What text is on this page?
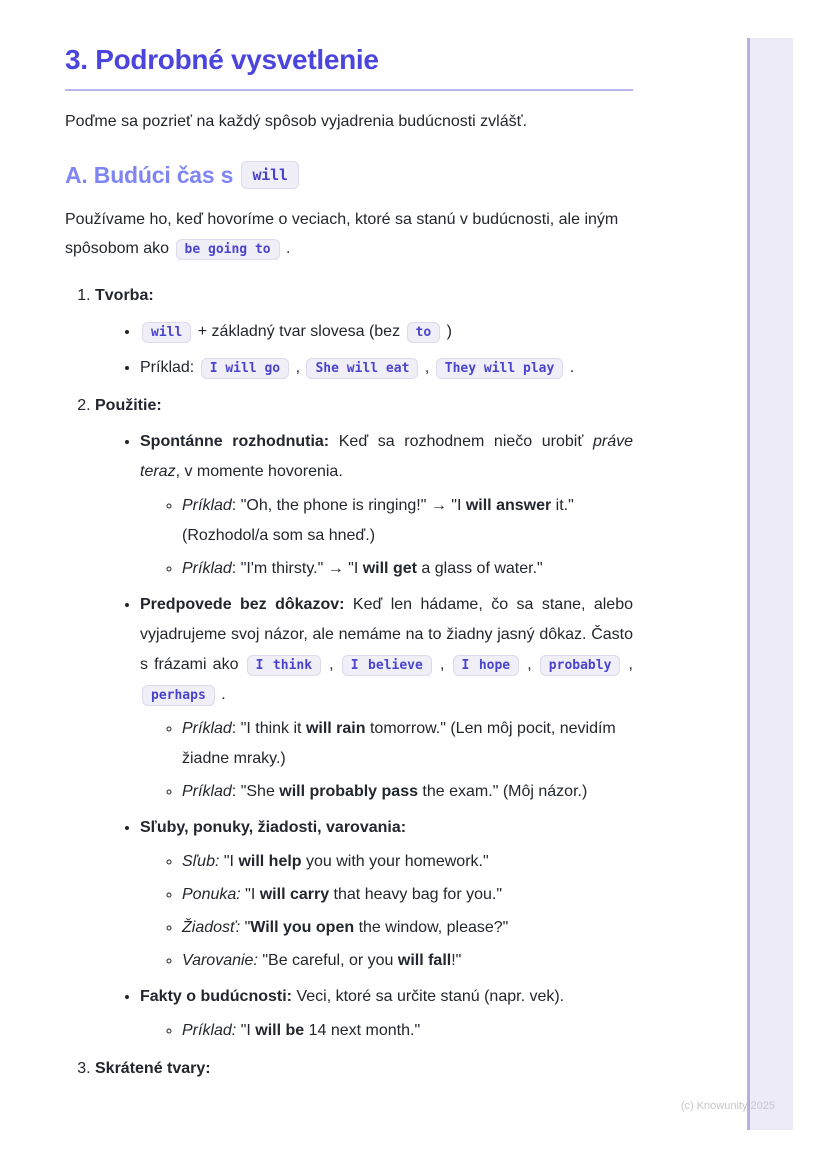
3. Podrobné vysvetlenie

Poďme sa pozrieť na každý spôsob vyjadrenia budúcnosti zvlášť.

A. Budúci čas s will

Používame ho, keď hovoríme o veciach, ktoré sa stanú v budúcnosti, ale iným spôsobom ako be going to .

1. Tvorba:
• will + základný tvar slovesa (bez to )
• Príklad: I will go , She will eat , They will play .
2. Použitie:
• Spontánne rozhodnutia: Keď sa rozhodnem niečo urobiť práve teraz, v momente hovorenia.
◦ Príklad: "Oh, the phone is ringing!" → "I will answer it." (Rozhodol/a som sa hneď.)
◦ Príklad: "I'm thirsty." → "I will get a glass of water."
• Predpovede bez dôkazov: Keď len hádame, čo sa stane, alebo vyjadrujeme svoj názor, ale nemáme na to žiadny jasný dôkaz. Často s frázami ako I think , I believe , I hope , probably , perhaps .
◦ Príklad: "I think it will rain tomorrow." (Len môj pocit, nevidím žiadne mraky.)
◦ Príklad: "She will probably pass the exam." (Môj názor.)
• Sľuby, ponuky, žiadosti, varovania:
◦ Sľub: "I will help you with your homework."
◦ Ponuka: "I will carry that heavy bag for you."
◦ Žiadosť: "Will you open the window, please?"
◦ Varovanie: "Be careful, or you will fall!"
• Fakty o budúcnosti: Veci, ktoré sa určite stanú (napr. vek).
◦ Príklad: "I will be 14 next month."
3. Skrátené tvary:
(c) Knowunity 2025
